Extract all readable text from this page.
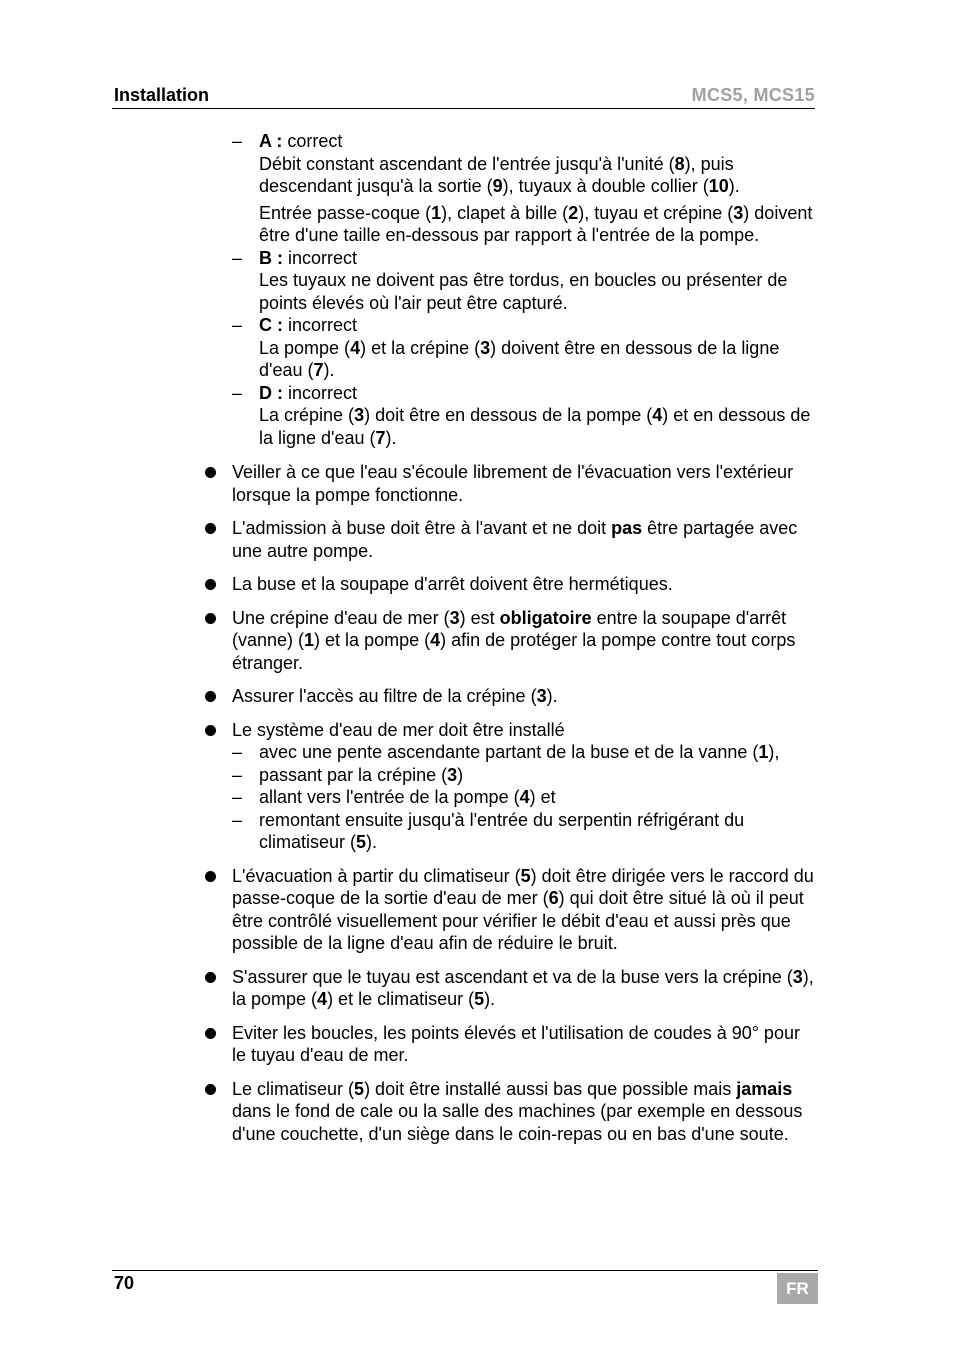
Installation	MCS5, MCS15
– A : correct

Débit constant ascendant de l'entrée jusqu'à l'unité (8), puis descendant jusqu'à la sortie (9), tuyaux à double collier (10).

Entrée passe-coque (1), clapet à bille (2), tuyau et crépine (3) doivent être d'une taille en-dessous par rapport à l'entrée de la pompe.

– B : incorrect

Les tuyaux ne doivent pas être tordus, en boucles ou présenter de points élevés où l'air peut être capturé.

– C : incorrect

La pompe (4) et la crépine (3) doivent être en dessous de la ligne d'eau (7).

– D : incorrect

La crépine (3) doit être en dessous de la pompe (4) et en dessous de la ligne d'eau (7).

Veiller à ce que l'eau s'écoule librement de l'évacuation vers l'extérieur lorsque la pompe fonctionne.

L'admission à buse doit être à l'avant et ne doit pas être partagée avec une autre pompe.

La buse et la soupape d'arrêt doivent être hermétiques.

Une crépine d'eau de mer (3) est obligatoire entre la soupape d'arrêt (vanne) (1) et la pompe (4) afin de protéger la pompe contre tout corps étranger.

Assurer l'accès au filtre de la crépine (3).

Le système d'eau de mer doit être installé

– avec une pente ascendante partant de la buse et de la vanne (1),
– passant par la crépine (3)
– allant vers l'entrée de la pompe (4) et
– remontant ensuite jusqu'à l'entrée du serpentin réfrigérant du climatiseur (5).

L'évacuation à partir du climatiseur (5) doit être dirigée vers le raccord du passe-coque de la sortie d'eau de mer (6) qui doit être situé là où il peut être contrôlé visuellement pour vérifier le débit d'eau et aussi près que possible de la ligne d'eau afin de réduire le bruit.

S'assurer que le tuyau est ascendant et va de la buse vers la crépine (3), la pompe (4) et le climatiseur (5).

Eviter les boucles, les points élevés et l'utilisation de coudes à 90° pour le tuyau d'eau de mer.

Le climatiseur (5) doit être installé aussi bas que possible mais jamais dans le fond de cale ou la salle des machines (par exemple en dessous d'une couchette, d'un siège dans le coin-repas ou en bas d'une soute.

70	FR
